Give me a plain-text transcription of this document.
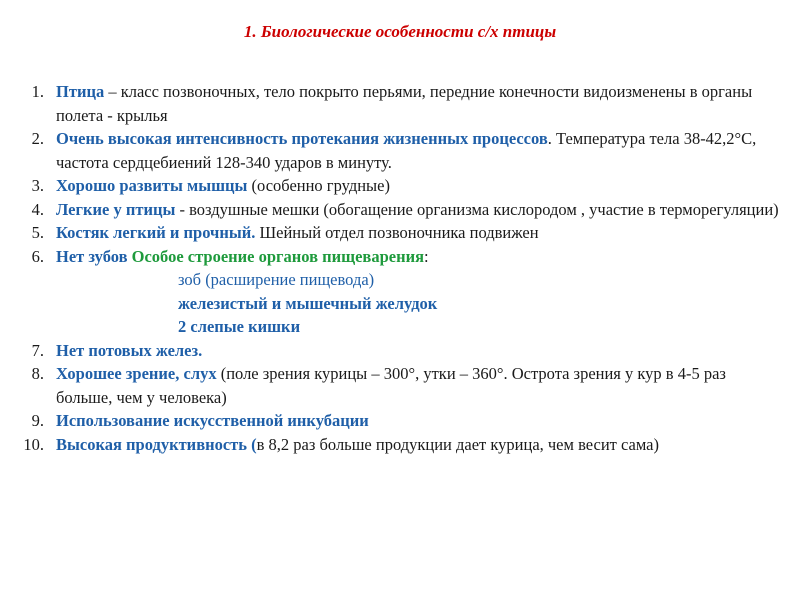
1. Биологические особенности с/х птицы
1. Птица – класс позвоночных, тело покрыто перьями, передние конечности видоизменены в органы полета - крылья
2. Очень высокая интенсивность протекания жизненных процессов. Температура тела 38-42,2°С, частота сердцебиений 128-340 ударов в минуту.
3. Хорошо развиты мышцы (особенно грудные)
4. Легкие у птицы - воздушные мешки (обогащение организма кислородом , участие в терморегуляции)
5. Костяк легкий и прочный. Шейный отдел позвоночника подвижен
6. Нет зубов Особое строение органов пищеварения:
зоб (расширение пищевода)
железистый и мышечный желудок
2 слепые кишки
7. Нет потовых желез.
8. Хорошее зрение, слух (поле зрения курицы – 300°, утки – 360°. Острота зрения у кур в 4-5 раз больше, чем у человека)
9. Использование искусственной инкубации
10. Высокая продуктивность (в 8,2 раз больше продукции дает курица, чем весит сама)
